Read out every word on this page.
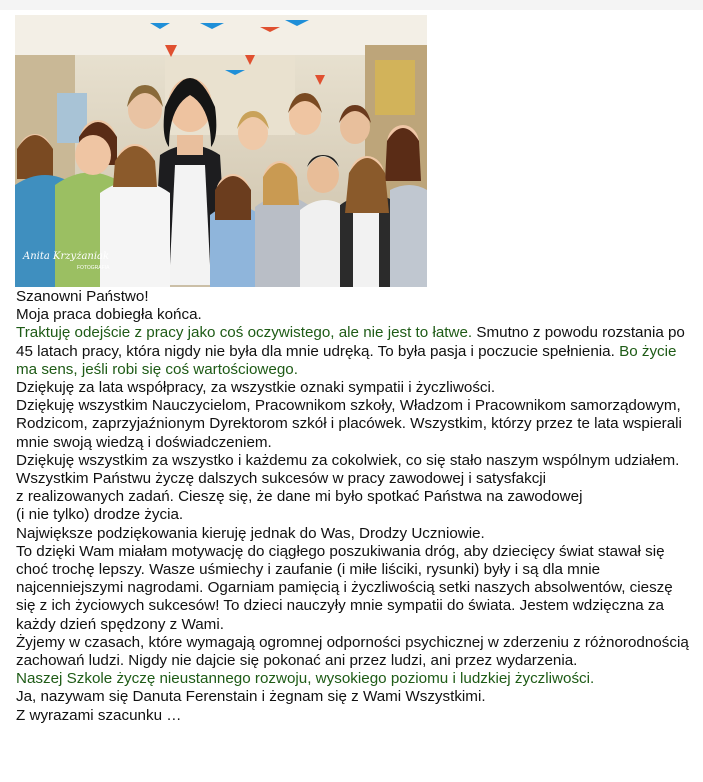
Anita Krzyżaniak
FOTOGRAFIA

Szanowni Państwo!

Moja praca dobiegła końca.

Traktuję odejście z pracy jako coś oczywistego, ale nie jest to łatwe. Smutno z powodu rozstania po 45 latach pracy, która nigdy nie była dla mnie udręką. To była pasja i poczucie spełnienia. Bo życie ma sens, jeśli robi się coś wartościowego.

Dziękuję za lata współpracy, za wszystkie oznaki sympatii i życzliwości.

Dziękuję wszystkim Nauczycielom, Pracownikom szkoły, Władzom i Pracownikom samorządowym, Rodzicom, zaprzyjaźnionym Dyrektorom szkół i placówek. Wszystkim, którzy przez te lata wspierali mnie swoją wiedzą i doświadczeniem.

Dziękuję wszystkim za wszystko i każdemu za cokolwiek, co się stało naszym wspólnym udziałem.

Wszystkim Państwu życzę dalszych sukcesów w pracy zawodowej i satysfakcji

z realizowanych zadań. Cieszę się, że dane mi było spotkać Państwa na zawodowej

(i nie tylko) drodze życia.

Największe podziękowania kieruję jednak do Was, Drodzy Uczniowie.

To dzięki Wam miałam motywację do ciągłego poszukiwania dróg, aby dziecięcy świat stawał się choć trochę lepszy. Wasze uśmiechy i zaufanie (i miłe liściki, rysunki) były i są dla mnie najcenniejszymi nagrodami. Ogarniam pamięcią i życzliwością setki naszych absolwentów, cieszę się z ich życiowych sukcesów! To dzieci nauczyły mnie sympatii do świata. Jestem wdzięczna za każdy dzień spędzony z Wami.

Żyjemy w czasach, które wymagają ogromnej odporności psychicznej w zderzeniu z różnorodnością zachowań ludzi. Nigdy nie dajcie się pokonać ani przez ludzi, ani przez wydarzenia.

Naszej Szkole życzę nieustannego rozwoju, wysokiego poziomu i ludzkiej życzliwości.

Ja, nazywam się Danuta Ferenstain i żegnam się z Wami Wszystkimi.

Z wyrazami szacunku …
